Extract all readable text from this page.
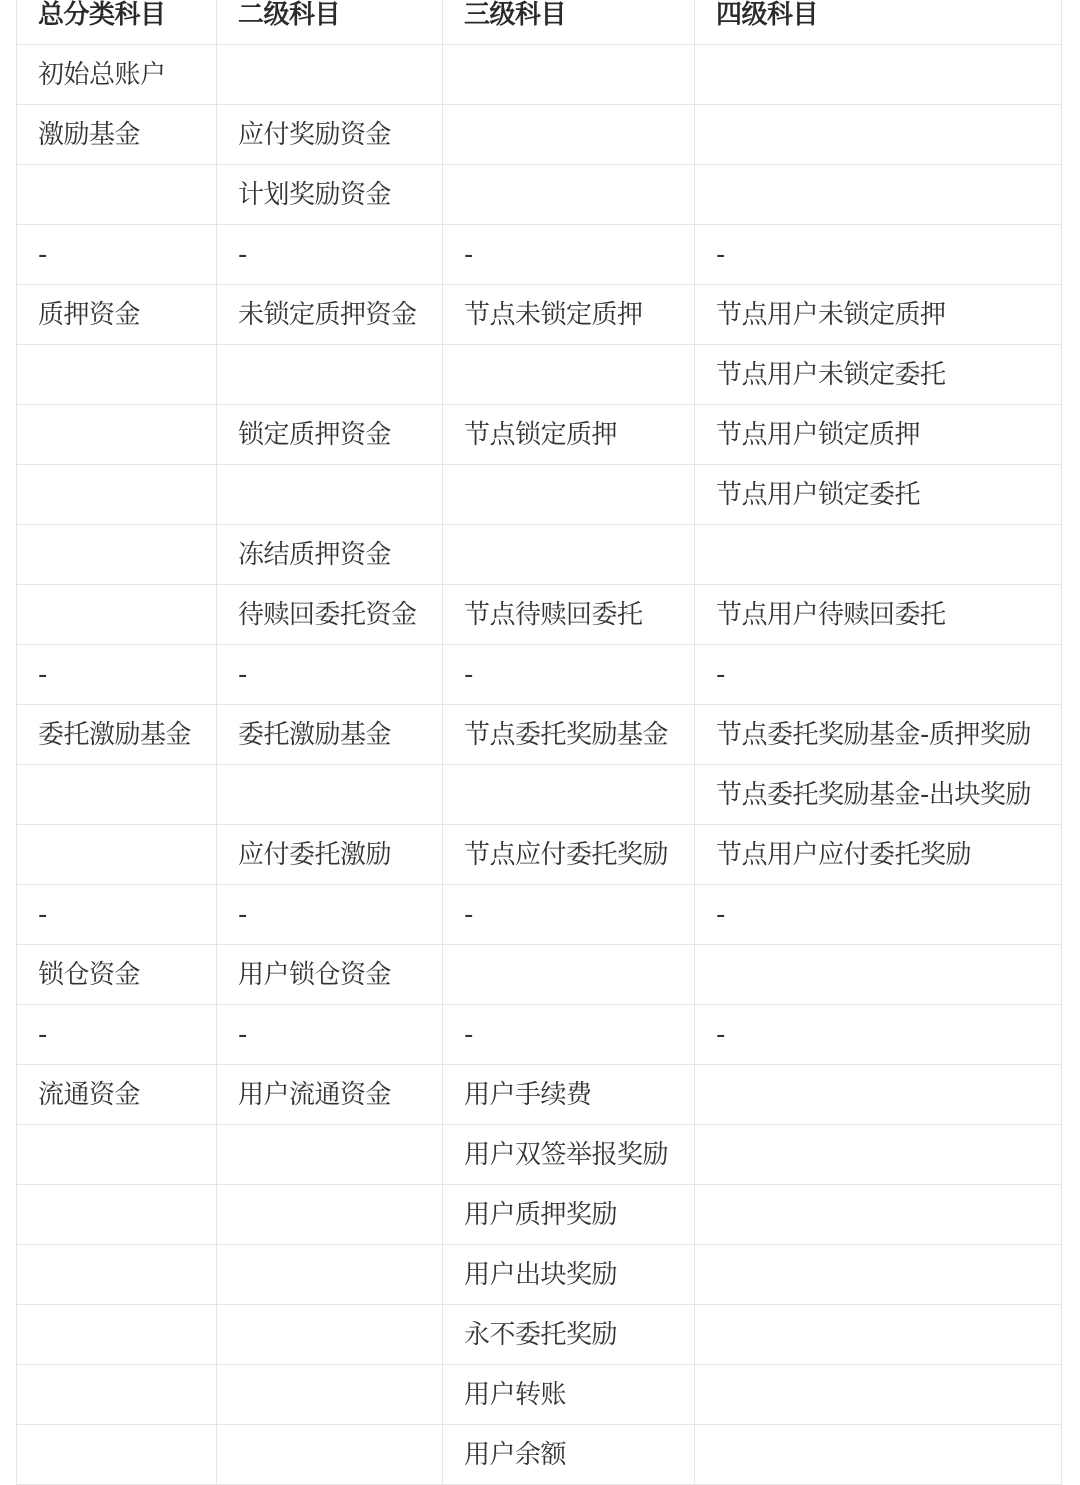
总分类科目	二级科目	三级科目	四级科目
初始总账户			
激励基金	应付奖励资金		
	计划奖励资金		
-	-	-	-
质押资金	未锁定质押资金	节点未锁定质押	节点用户未锁定质押
			节点用户未锁定委托
	锁定质押资金	节点锁定质押	节点用户锁定质押
			节点用户锁定委托
	冻结质押资金		
	待赎回委托资金	节点待赎回委托	节点用户待赎回委托
-	-	-	-
委托激励基金	委托激励基金	节点委托奖励基金	节点委托奖励基金-质押奖励
			节点委托奖励基金-出块奖励
	应付委托激励	节点应付委托奖励	节点用户应付委托奖励
-	-	-	-
锁仓资金	用户锁仓资金		
-	-	-	-
流通资金	用户流通资金	用户手续费	
		用户双签举报奖励	
		用户质押奖励	
		用户出块奖励	
		永不委托奖励	
		用户转账	
		用户余额	
